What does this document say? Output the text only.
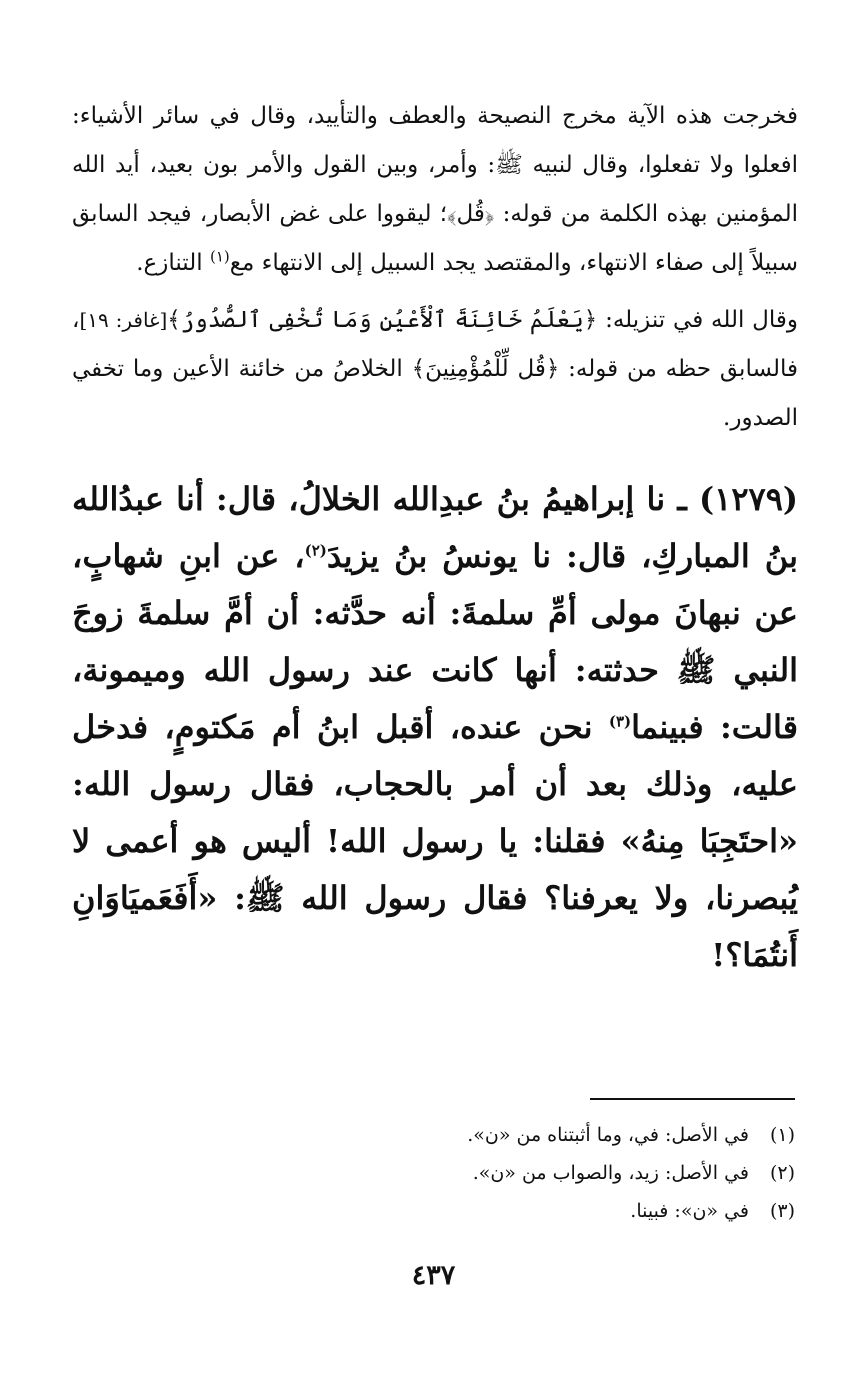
فخرجت هذه الآية مخرج النصيحة والعطف والتأييد، وقال في سائر الأشياء: افعلوا ولا تفعلوا، وقال لنبيه ﷺ: وأمر، وبين القول والأمر بون بعيد، أيد الله المؤمنين بهذه الكلمة من قوله: ﴿قُل﴾؛ ليقووا على غض الأبصار، فيجد السابق سبيلاً إلى صفاء الانتهاء، والمقتصد يجد السبيل إلى الانتهاء مع$^{(١)}$ التنازع.

وقال الله في تنزيله: ﴿يَعْلَمُ خَائِنَةَ ٱلْأَعْيُنِ وَمَا تُخْفِى ٱلصُّدُورُ﴾[غافر: ١٩]، فالسابق حظه من قوله: ﴿قُل لِّلْمُؤْمِنِينَ﴾ الخلاصُ من خائنة الأعين وما تخفي الصدور.

(١٢٧٩) ـ نا إبراهيمُ بنُ عبدِالله الخلالُ، قال: أنا عبدُالله بنُ المباركِ، قال: نا يونسُ بنُ يزيدَ$^{(٢)}$، عن ابنِ شهابٍ، عن نبهانَ مولى أمِّ سلمةَ: أنه حدَّثه: أن أمَّ سلمةَ زوجَ النبي ﷺ حدثته: أنها كانت عند رسول الله وميمونة، قالت: فبينما$^{(٣)}$ نحن عنده، أقبل ابنُ أم مَكتومٍ، فدخل عليه، وذلك بعد أن أمر بالحجاب، فقال رسول الله: «احتَجِبَا مِنهُ» فقلنا: يا رسول الله! أليس هو أعمى لا يُبصرنا، ولا يعرفنا؟ فقال رسول الله ﷺ: «أَفَعَميَاوَانِ أَنتُمَا؟!

(١)
في الأصل: في، وما أثبتناه من «ن».
(٢)
في الأصل: زيد، والصواب من «ن».
(٣)
في «ن»: فبينا.
٤٣٧
